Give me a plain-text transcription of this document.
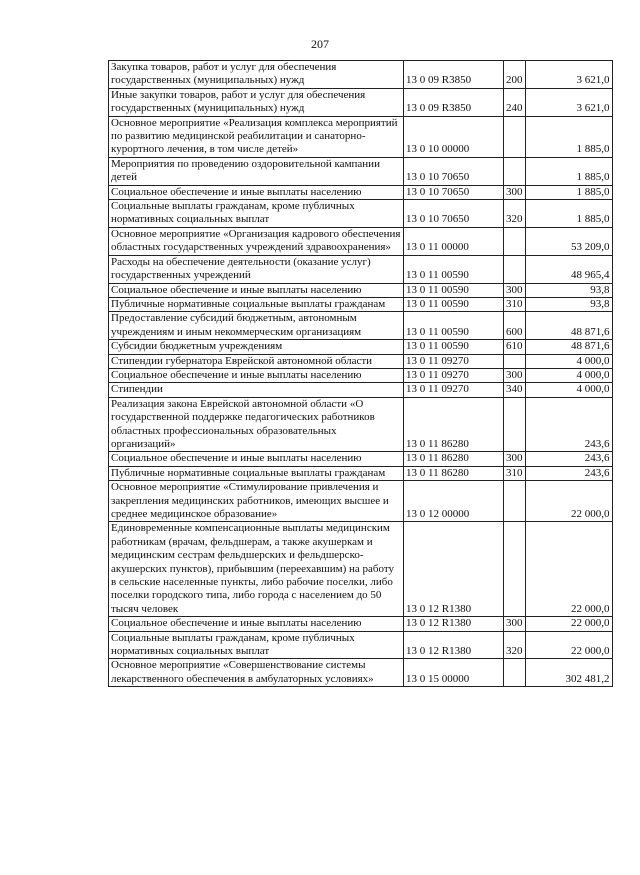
207
Закупка товаров, работ и услуг для обеспечения государственных (муниципальных) нужд	13 0 09 R3850	200	3 621,0
Иные закупки товаров, работ и услуг для обеспечения государственных (муниципальных) нужд	13 0 09 R3850	240	3 621,0
Основное мероприятие «Реализация комплекса мероприятий по развитию медицинской реабилитации и санаторно-курортного лечения, в том числе детей»	13 0 10 00000		1 885,0
Мероприятия по проведению оздоровительной кампании детей	13 0 10 70650		1 885,0
Социальное обеспечение и иные выплаты населению	13 0 10 70650	300	1 885,0
Социальные выплаты гражданам, кроме публичных нормативных социальных выплат	13 0 10 70650	320	1 885,0
Основное мероприятие «Организация кадрового обеспечения областных государственных учреждений здравоохранения»	13 0 11 00000		53 209,0
Расходы на обеспечение деятельности (оказание услуг) государственных учреждений	13 0 11 00590		48 965,4
Социальное обеспечение и иные выплаты населению	13 0 11 00590	300	93,8
Публичные нормативные социальные выплаты гражданам	13 0 11 00590	310	93,8
Предоставление субсидий бюджетным, автономным учреждениям и иным некоммерческим организациям	13 0 11 00590	600	48 871,6
Субсидии бюджетным учреждениям	13 0 11 00590	610	48 871,6
Стипендии губернатора Еврейской автономной области	13 0 11 09270		4 000,0
Социальное обеспечение и иные выплаты населению	13 0 11 09270	300	4 000,0
Стипендии	13 0 11 09270	340	4 000,0
Реализация закона Еврейской автономной области «О государственной поддержке педагогических работников областных профессиональных образовательных организаций»	13 0 11 86280		243,6
Социальное обеспечение и иные выплаты населению	13 0 11 86280	300	243,6
Публичные нормативные социальные выплаты гражданам	13 0 11 86280	310	243,6
Основное мероприятие «Стимулирование привлечения и закрепления медицинских работников, имеющих высшее и среднее медицинское образование»	13 0 12 00000		22 000,0
Единовременные компенсационные выплаты медицинским работникам (врачам, фельдшерам, а также акушеркам и медицинским сестрам фельдшерских и фельдшерско-акушерских пунктов), прибывшим (переехавшим) на работу в сельские населенные пункты, либо рабочие поселки, либо поселки городского типа, либо города с населением до 50 тысяч человек	13 0 12 R1380		22 000,0
Социальное обеспечение и иные выплаты населению	13 0 12 R1380	300	22 000,0
Социальные выплаты гражданам, кроме публичных нормативных социальных выплат	13 0 12 R1380	320	22 000,0
Основное мероприятие «Совершенствование системы лекарственного обеспечения в амбулаторных условиях»	13 0 15 00000		302 481,2
